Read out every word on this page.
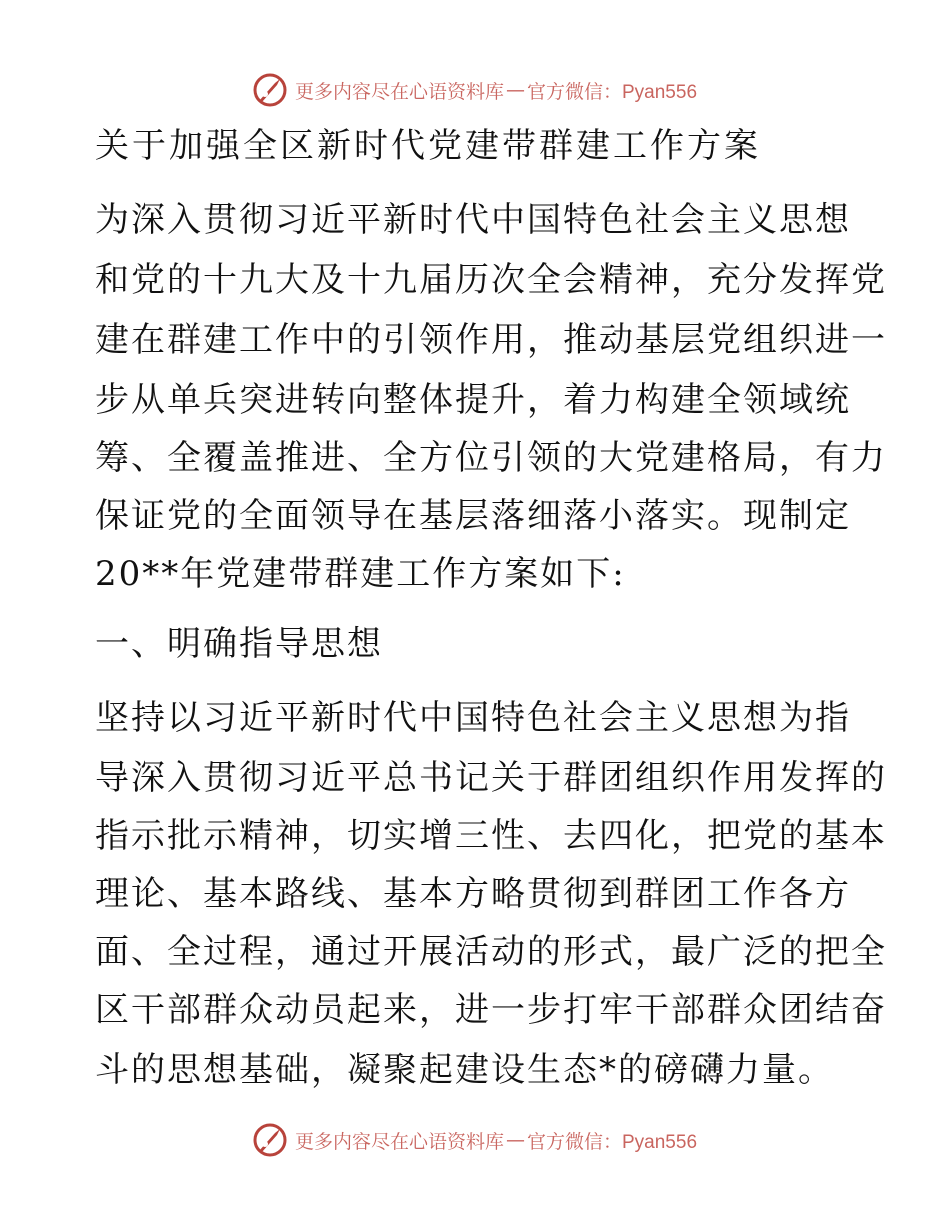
更多内容尽在心语资料库 — 官方微信：Pyan556
关于加强全区新时代党建带群建工作方案
为深入贯彻习近平新时代中国特色社会主义思想
和党的十九大及十九届历次全会精神，充分发挥党
建在群建工作中的引领作用，推动基层党组织进一
步从单兵突进转向整体提升，着力构建全领域统
筹、全覆盖推进、全方位引领的大党建格局，有力
保证党的全面领导在基层落细落小落实。现制定
20**年党建带群建工作方案如下:
一、明确指导思想
坚持以习近平新时代中国特色社会主义思想为指
导深入贯彻习近平总书记关于群团组织作用发挥的
指示批示精神，切实增三性、去四化，把党的基本
理论、基本路线、基本方略贯彻到群团工作各方
面、全过程，通过开展活动的形式，最广泛的把全
区干部群众动员起来，进一步打牢干部群众团结奋
斗的思想基础，凝聚起建设生态*的磅礴力量。
更多内容尽在心语资料库 — 官方微信：Pyan556
